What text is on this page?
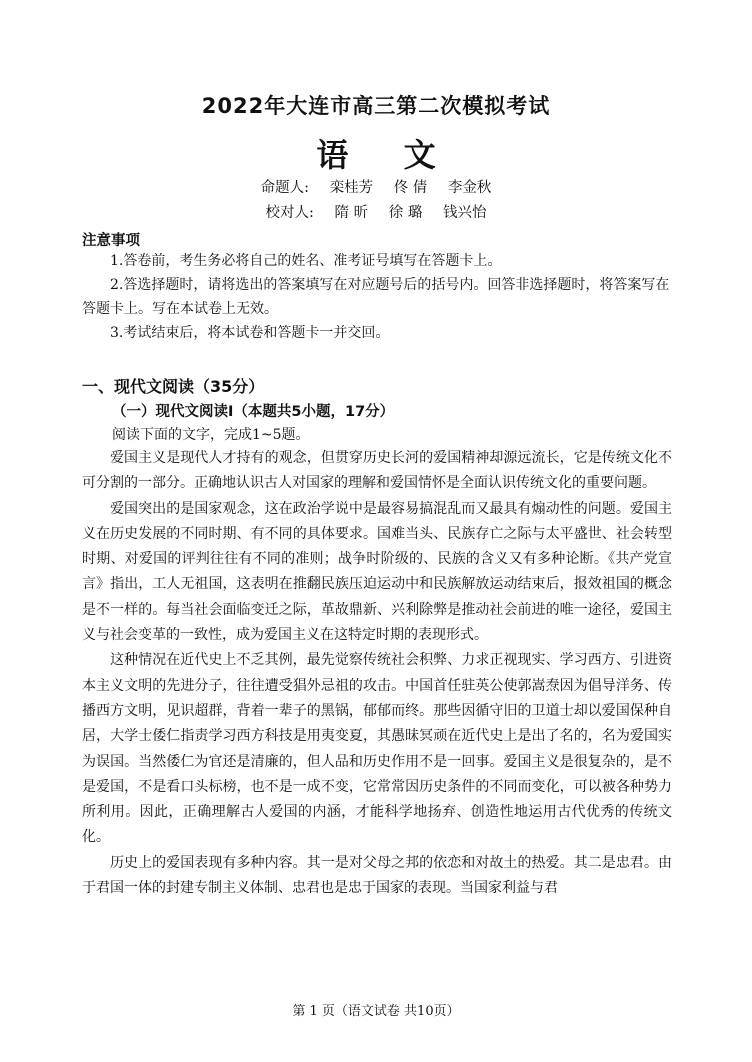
2022年大连市高三第二次模拟考试
语 文
命题人: 栾桂芳 佟 倩 李金秋
校对人: 隋 昕 徐 璐 钱兴怡
注意事项
1.答卷前，考生务必将自己的姓名、准考证号填写在答题卡上。
2.答选择题时，请将选出的答案填写在对应题号后的括号内。回答非选择题时，将答案写在答题卡上。写在本试卷上无效。
3.考试结束后，将本试卷和答题卡一并交回。
一、现代文阅读（35分）
（一）现代文阅读Ⅰ（本题共5小题，17分）
阅读下面的文字，完成1~5题。

爱国主义是现代人才持有的观念，但贯穿历史长河的爱国精神却源远流长，它是传统文化不可分割的一部分。正确地认识古人对国家的理解和爱国情怀是全面认识传统文化的重要问题。

爱国突出的是国家观念，这在政治学说中是最容易搞混乱而又最具有煽动性的问题。爱国主义在历史发展的不同时期、有不同的具体要求。国难当头、民族存亡之际与太平盛世、社会转型时期、对爱国的评判往往有不同的准则；战争时阶级的、民族的含义又有多种论断。《共产党宣言》指出，工人无祖国，这表明在推翻民族压迫运动中和民族解放运动结束后，报效祖国的概念是不一样的。每当社会面临变迁之际，革故鼎新、兴利除弊是推动社会前进的唯一途径，爱国主义与社会变革的一致性，成为爱国主义在这特定时期的表现形式。

这种情况在近代史上不乏其例，最先觉察传统社会积弊、力求正视现实、学习西方、引进资本主义文明的先进分子，往往遭受猖外忌祖的攻击。中国首任驻英公使郭嵩焘因为倡导洋务、传播西方文明，见识超群，背着一辈子的黑锅，郁郁而终。那些因循守旧的卫道士却以爱国保种自居，大学士倭仁指责学习西方科技是用夷变夏，其愚昧冥顽在近代史上是出了名的，名为爱国实为误国。当然倭仁为官还是清廉的，但人品和历史作用不是一回事。爱国主义是很复杂的，是不是爱国，不是看口头标榜，也不是一成不变，它常常因历史条件的不同而变化，可以被各种势力所利用。因此，正确理解古人爱国的内涵，才能科学地扬弃、创造性地运用古代优秀的传统文化。

历史上的爱国表现有多种内容。其一是对父母之邦的依恋和对故土的热爱。其二是忠君。由于君国一体的封建专制主义体制、忠君也是忠于国家的表现。当国家利益与君

第 1 页（语文试卷 共10页）
